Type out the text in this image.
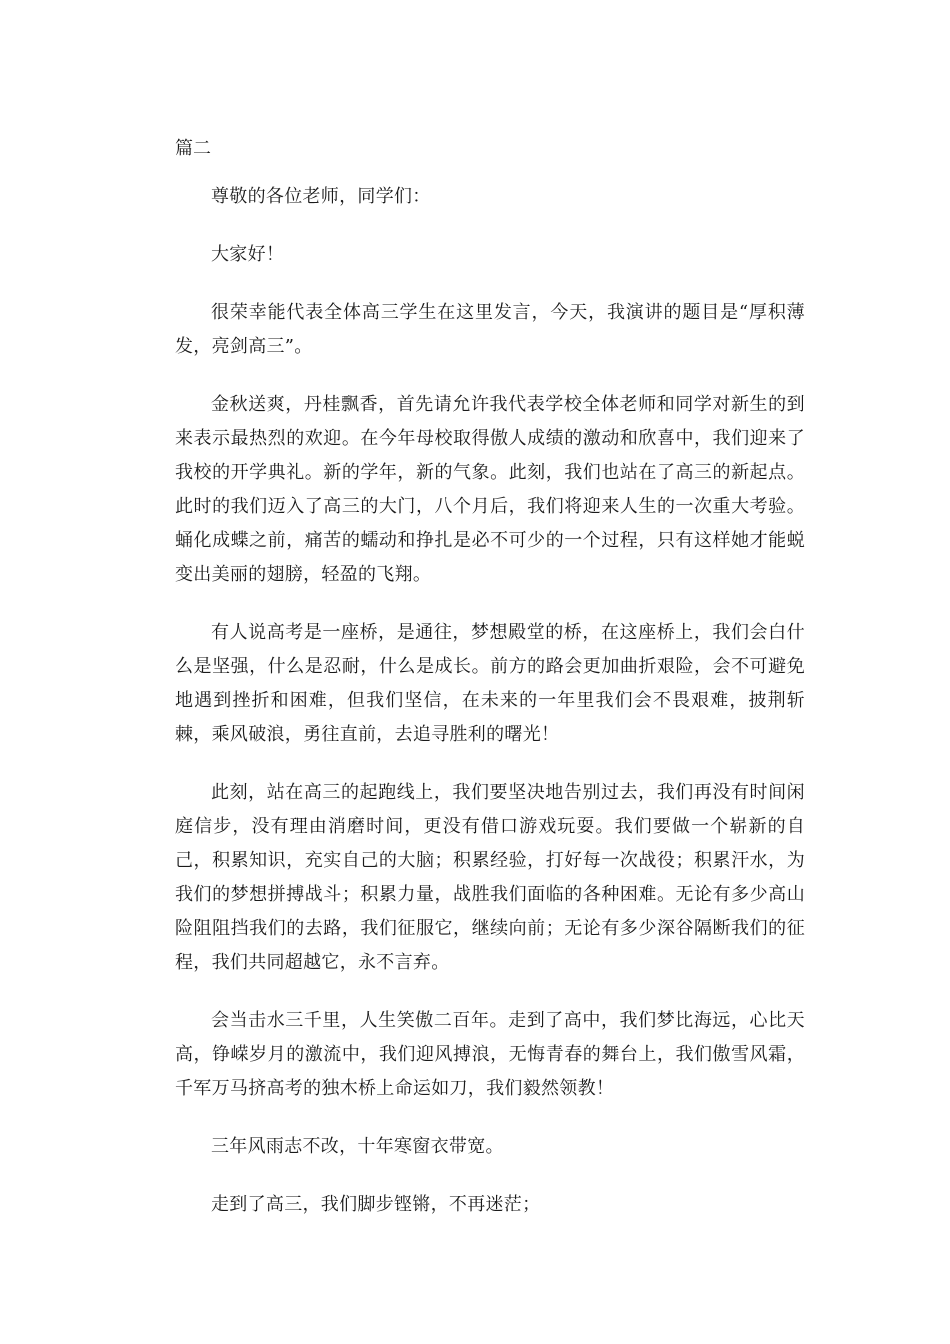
篇二

尊敬的各位老师，同学们：

大家好！

很荣幸能代表全体高三学生在这里发言，今天，我演讲的题目是“厚积薄发，亮剑高三”。

金秋送爽，丹桂飘香，首先请允许我代表学校全体老师和同学对新生的到来表示最热烈的欢迎。在今年母校取得傲人成绩的激动和欣喜中，我们迎来了我校的开学典礼。新的学年，新的气象。此刻，我们也站在了高三的新起点。此时的我们迈入了高三的大门，八个月后，我们将迎来人生的一次重大考验。蛹化成蝶之前，痛苦的蠕动和挣扎是必不可少的一个过程，只有这样她才能蜕变出美丽的翅膀，轻盈的飞翔。

有人说高考是一座桥，是通往，梦想殿堂的桥，在这座桥上，我们会白什么是坚强，什么是忍耐，什么是成长。前方的路会更加曲折艰险，会不可避免地遇到挫折和困难，但我们坚信，在未来的一年里我们会不畏艰难，披荆斩棘，乘风破浪，勇往直前，去追寻胜利的曙光！

此刻，站在高三的起跑线上，我们要坚决地告别过去，我们再没有时间闲庭信步，没有理由消磨时间，更没有借口游戏玩耍。我们要做一个崭新的自己，积累知识，充实自己的大脑；积累经验，打好每一次战役；积累汗水，为我们的梦想拼搏战斗；积累力量，战胜我们面临的各种困难。无论有多少高山险阻阻挡我们的去路，我们征服它，继续向前；无论有多少深谷隔断我们的征程，我们共同超越它，永不言弃。

会当击水三千里，人生笑傲二百年。走到了高中，我们梦比海远，心比天高，铮嵘岁月的激流中，我们迎风搏浪，无悔青春的舞台上，我们傲雪风霜，千军万马挤高考的独木桥上命运如刀，我们毅然领教！

三年风雨志不改，十年寒窗衣带宽。

走到了高三，我们脚步铿锵，不再迷茫；
